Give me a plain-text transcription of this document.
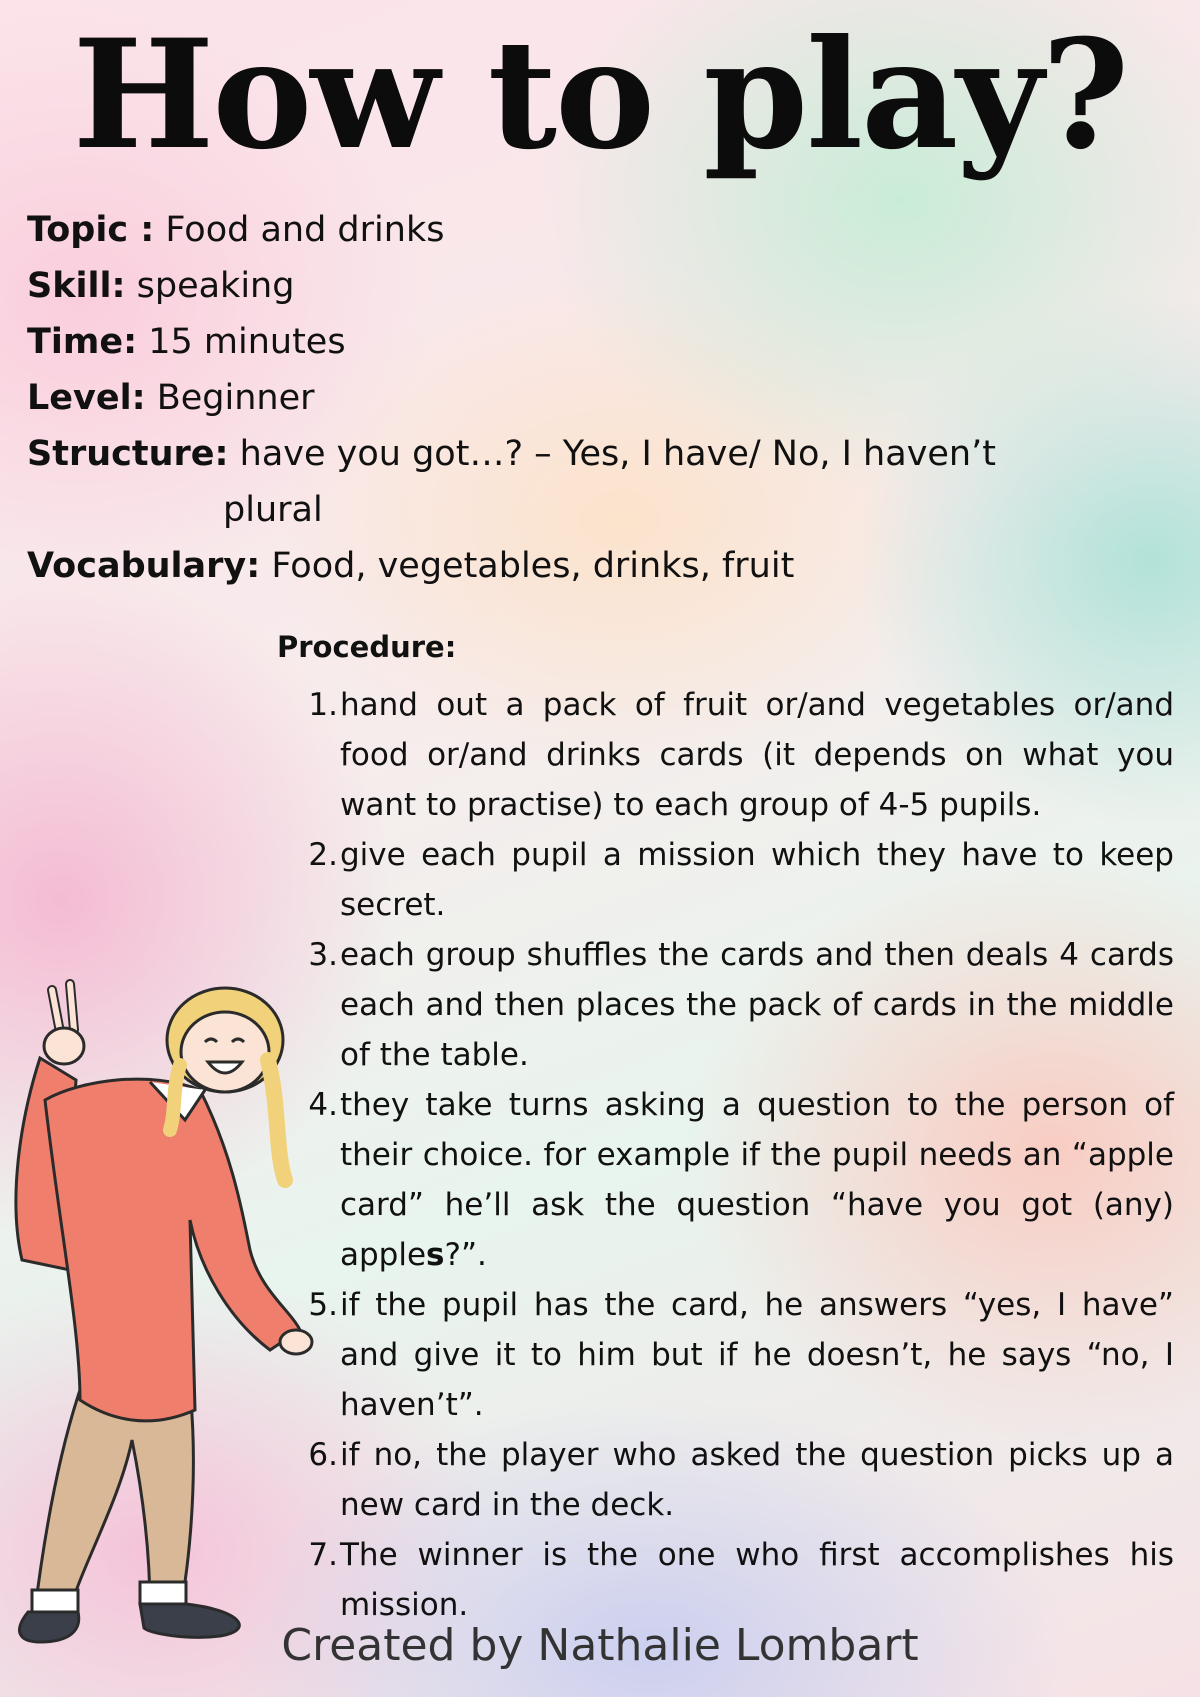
How to play?
Topic : Food and drinks
Skill: speaking
Time: 15 minutes
Level: Beginner
Structure: have you got…? – Yes, I have/ No, I haven’t
plural
Vocabulary: Food, vegetables, drinks, fruit
Procedure:
1. hand out a pack of fruit or/and vegetables or/and food or/and drinks cards (it depends on what you want to practise) to each group of 4-5 pupils.
2. give each pupil a mission which they have to keep secret.
3. each group shuffles the cards and then deals 4 cards each and then places the pack of cards in the middle of the table.
4. they take turns asking a question to the person of their choice. for example if the pupil needs an “apple card” he’ll ask the question “have you got (any) apples?”.
5. if the pupil has the card, he answers “yes, I have” and give it to him but if he doesn’t, he says “no, I haven’t”.
6. if no, the player who asked the question picks up a new card in the deck.
7. The winner is the one who first accomplishes his mission.
Created by Nathalie Lombart
